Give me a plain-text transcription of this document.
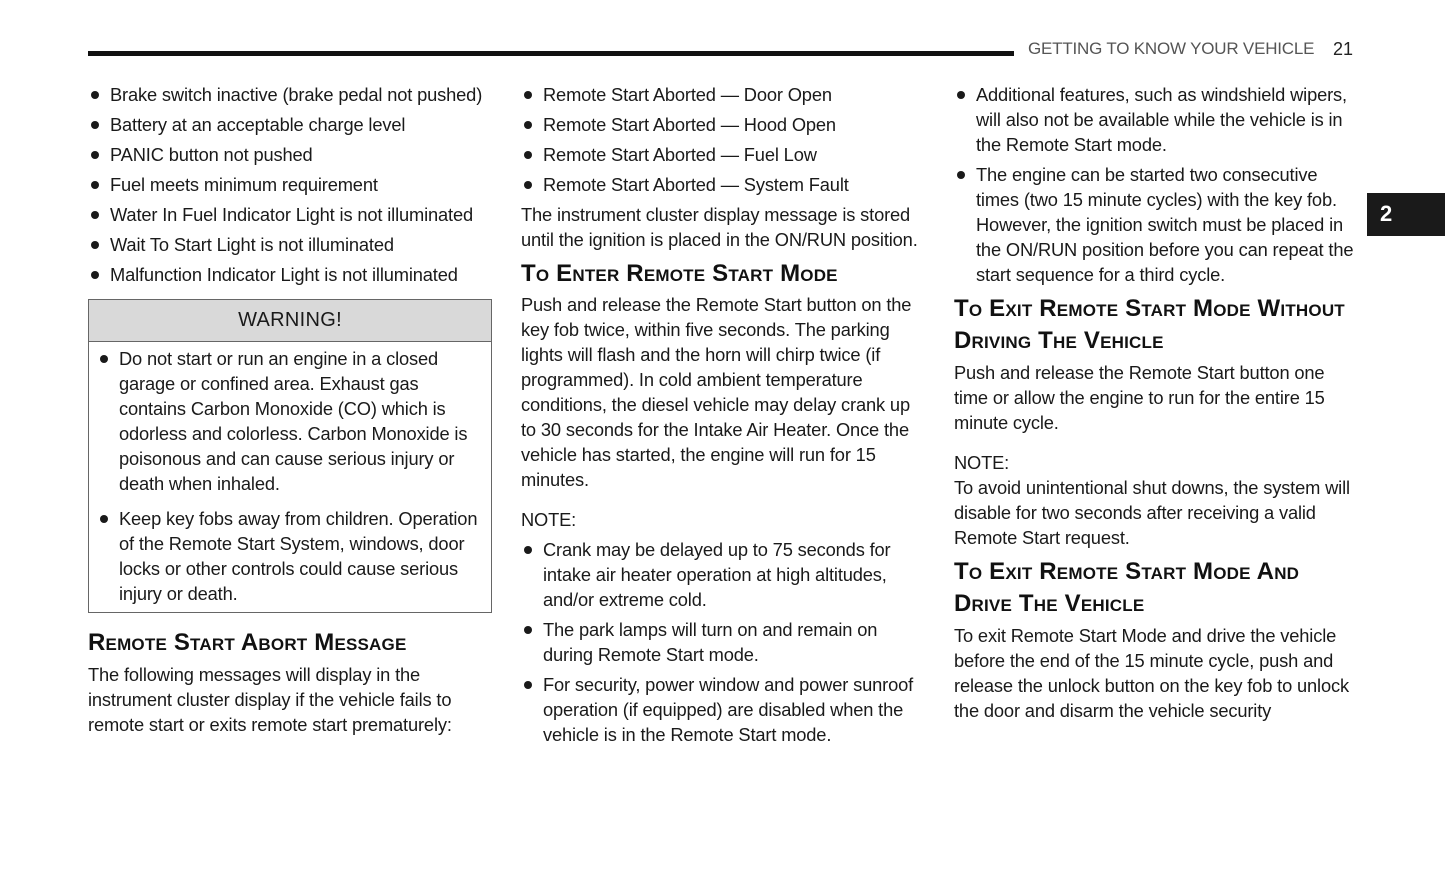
GETTING TO KNOW YOUR VEHICLE 21
2
Brake switch inactive (brake pedal not pushed)
Battery at an acceptable charge level
PANIC button not pushed
Fuel meets minimum requirement
Water In Fuel Indicator Light is not illuminated
Wait To Start Light is not illuminated
Malfunction Indicator Light is not illuminated
WARNING!
Do not start or run an engine in a closed garage or confined area. Exhaust gas contains Carbon Monoxide (CO) which is odorless and colorless. Carbon Monoxide is poisonous and can cause serious injury or death when inhaled.
Keep key fobs away from children. Operation of the Remote Start System, windows, door locks or other controls could cause serious injury or death.
Remote Start Abort Message

The following messages will display in the instrument cluster display if the vehicle fails to remote start or exits remote start prematurely:

Remote Start Aborted — Door Open
Remote Start Aborted — Hood Open
Remote Start Aborted — Fuel Low
Remote Start Aborted — System Fault

The instrument cluster display message is stored until the ignition is placed in the ON/RUN position.

To Enter Remote Start Mode

Push and release the Remote Start button on the key fob twice, within five seconds. The parking lights will flash and the horn will chirp twice (if programmed). In cold ambient temperature conditions, the diesel vehicle may delay crank up to 30 seconds for the Intake Air Heater. Once the vehicle has started, the engine will run for 15 minutes.

NOTE:

Crank may be delayed up to 75 seconds for intake air heater operation at high altitudes, and/or extreme cold.
The park lamps will turn on and remain on during Remote Start mode.
For security, power window and power sunroof operation (if equipped) are disabled when the vehicle is in the Remote Start mode.
Additional features, such as windshield wipers, will also not be available while the vehicle is in the Remote Start mode.
The engine can be started two consecutive times (two 15 minute cycles) with the key fob. However, the ignition switch must be placed in the ON/RUN position before you can repeat the start sequence for a third cycle.
To Exit Remote Start Mode Without Driving The Vehicle

Push and release the Remote Start button one time or allow the engine to run for the entire 15 minute cycle.

NOTE:

To avoid unintentional shut downs, the system will disable for two seconds after receiving a valid Remote Start request.

To Exit Remote Start Mode And Drive The Vehicle

To exit Remote Start Mode and drive the vehicle before the end of the 15 minute cycle, push and release the unlock button on the key fob to unlock the door and disarm the vehicle security
